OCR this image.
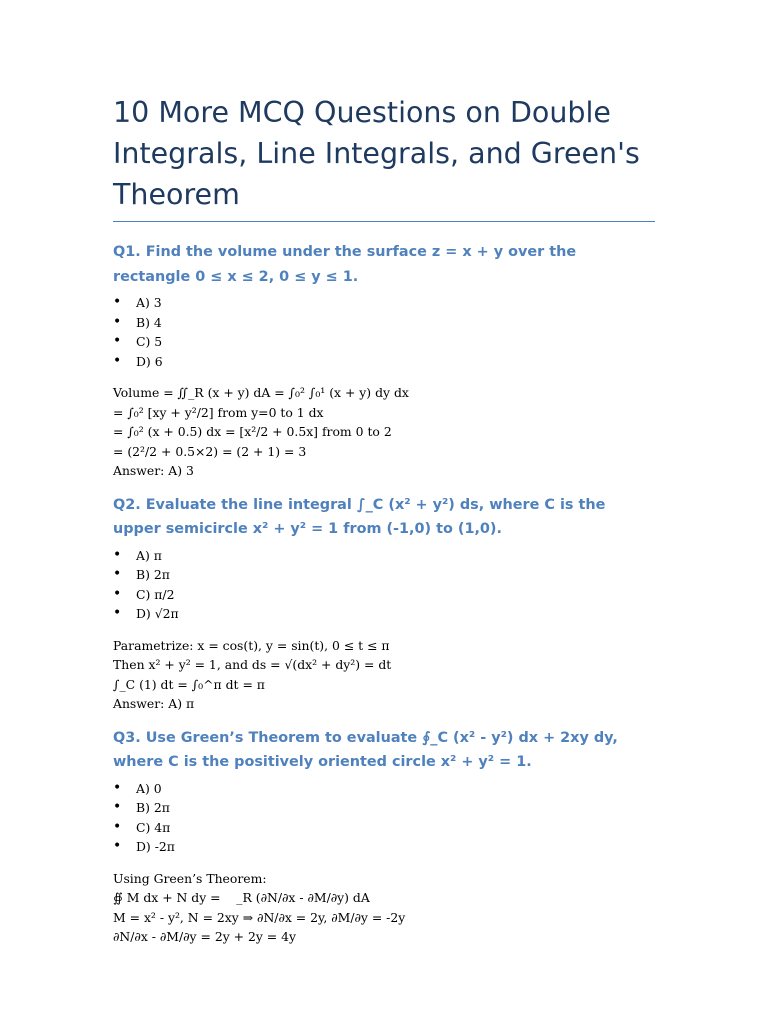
10 More MCQ Questions on Double Integrals, Line Integrals, and Green's Theorem

Q1. Find the volume under the surface z = x + y over the rectangle 0 ≤ x ≤ 2, 0 ≤ y ≤ 1.

• A) 3
• B) 4
• C) 5
• D) 6
Volume = ∬_R (x + y) dA = ∫₀² ∫₀¹ (x + y) dy dx
= ∫₀² [xy + y²/2] from y=0 to 1 dx
= ∫₀² (x + 0.5) dx = [x²/2 + 0.5x] from 0 to 2
= (2²/2 + 0.5×2) = (2 + 1) = 3
Answer: A) 3

Q2. Evaluate the line integral ∫_C (x² + y²) ds, where C is the upper semicircle x² + y² = 1 from (-1,0) to (1,0).

• A) π
• B) 2π
• C) π/2
• D) √2π
Parametrize: x = cos(t), y = sin(t), 0 ≤ t ≤ π
Then x² + y² = 1, and ds = √(dx² + dy²) = dt
∫_C (1) dt = ∫₀^π dt = π
Answer: A) π

Q3. Use Green’s Theorem to evaluate ∮_C (x² - y²) dx + 2xy dy, where C is the positively oriented circle x² + y² = 1.

• A) 0
• B) 2π
• C) 4π
• D) -2π
Using Green’s Theorem:
∯ M dx + N dy =    _R (∂N/∂x - ∂M/∂y) dA
M = x² - y², N = 2xy ⇒ ∂N/∂x = 2y, ∂M/∂y = -2y
∂N/∂x - ∂M/∂y = 2y + 2y = 4y
